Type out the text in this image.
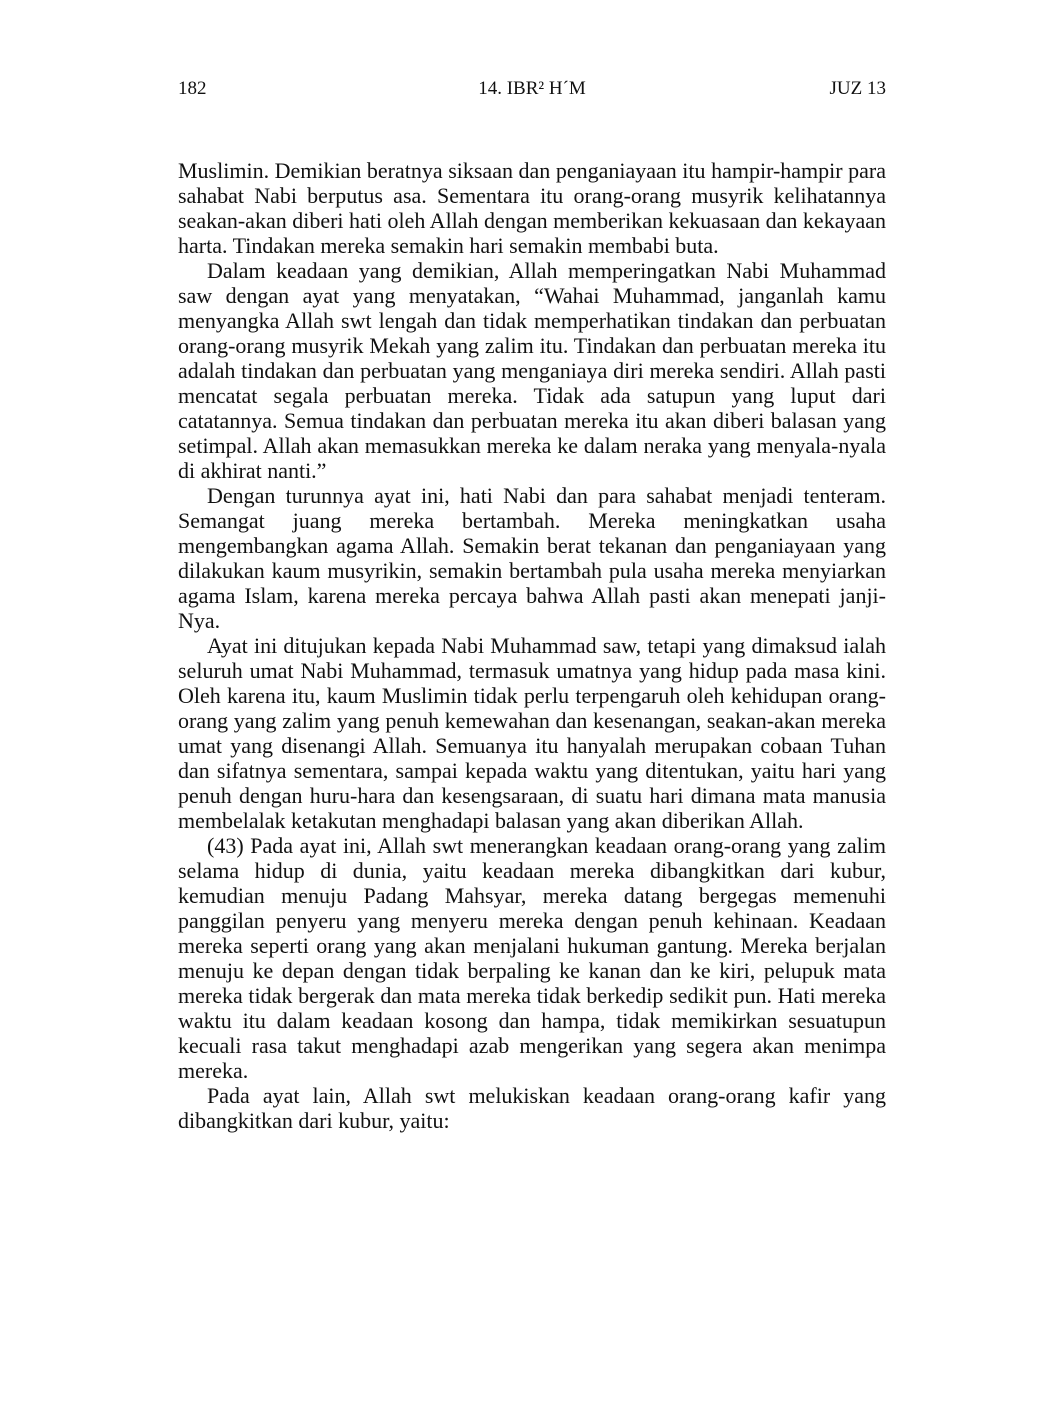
182	14. IBR² H´M	JUZ 13

Muslimin. Demikian beratnya siksaan dan penganiayaan itu hampir-hampir para sahabat Nabi berputus asa. Sementara itu orang-orang musyrik kelihatannya seakan-akan diberi hati oleh Allah dengan memberikan kekuasaan dan kekayaan harta. Tindakan mereka semakin hari semakin membabi buta.

Dalam keadaan yang demikian, Allah memperingatkan Nabi Muhammad saw dengan ayat yang menyatakan, “Wahai Muhammad, janganlah kamu menyangka Allah swt lengah dan tidak memperhatikan tindakan dan perbuatan orang-orang musyrik Mekah yang zalim itu. Tindakan dan perbuatan mereka itu adalah tindakan dan perbuatan yang menganiaya diri mereka sendiri. Allah pasti mencatat segala perbuatan mereka. Tidak ada satupun yang luput dari catatannya. Semua tindakan dan perbuatan mereka itu akan diberi balasan yang setimpal. Allah akan memasukkan mereka ke dalam neraka yang menyala-nyala di akhirat nanti.”

Dengan turunnya ayat ini, hati Nabi dan para sahabat menjadi tenteram. Semangat juang mereka bertambah. Mereka meningkatkan usaha mengembangkan agama Allah. Semakin berat tekanan dan penganiayaan yang dilakukan kaum musyrikin, semakin bertambah pula usaha mereka menyiarkan agama Islam, karena mereka percaya bahwa Allah pasti akan menepati janji-Nya.

Ayat ini ditujukan kepada Nabi Muhammad saw, tetapi yang dimaksud ialah seluruh umat Nabi Muhammad, termasuk umatnya yang hidup pada masa kini. Oleh karena itu, kaum Muslimin tidak perlu terpengaruh oleh kehidupan orang-orang yang zalim yang penuh kemewahan dan kesenangan, seakan-akan mereka umat yang disenangi Allah. Semuanya itu hanyalah merupakan cobaan Tuhan dan sifatnya sementara, sampai kepada waktu yang ditentukan, yaitu hari yang penuh dengan huru-hara dan kesengsaraan, di suatu hari dimana mata manusia membelalak ketakutan menghadapi balasan yang akan diberikan Allah.

(43) Pada ayat ini, Allah swt menerangkan keadaan orang-orang yang zalim selama hidup di dunia, yaitu keadaan mereka dibangkitkan dari kubur, kemudian menuju Padang Mahsyar, mereka datang bergegas memenuhi panggilan penyeru yang menyeru mereka dengan penuh kehinaan. Keadaan mereka seperti orang yang akan menjalani hukuman gantung. Mereka berjalan menuju ke depan dengan tidak berpaling ke kanan dan ke kiri, pelupuk mata mereka tidak bergerak dan mata mereka tidak berkedip sedikit pun. Hati mereka waktu itu dalam keadaan kosong dan hampa, tidak memikirkan sesuatupun kecuali rasa takut menghadapi azab mengerikan yang segera akan menimpa mereka.

Pada ayat lain, Allah swt melukiskan keadaan orang-orang kafir yang dibangkitkan dari kubur, yaitu:
